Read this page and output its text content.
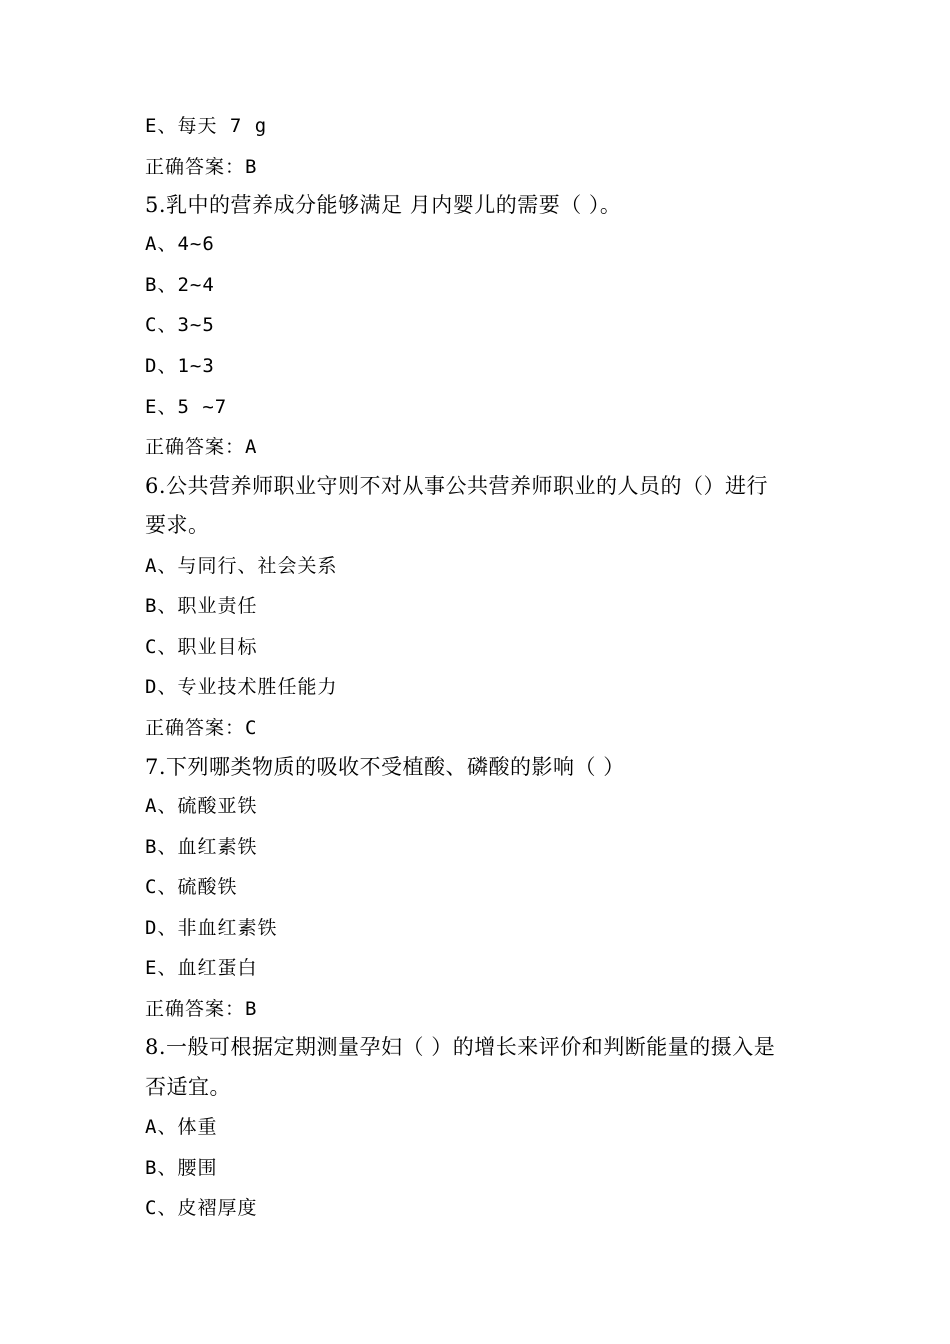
E、每天 7 g
正确答案：B
5.乳中的营养成分能够满足 月内婴儿的需要（ ）。
A、4~6
B、2~4
C、3~5
D、1~3
E、5 ~7
正确答案：A
6.公共营养师职业守则不对从事公共营养师职业的人员的（）进行
要求。
A、与同行、社会关系
B、职业责任
C、职业目标
D、专业技术胜任能力
正确答案：C
7.下列哪类物质的吸收不受植酸、磷酸的影响（ ）
A、硫酸亚铁
B、血红素铁
C、硫酸铁
D、非血红素铁
E、血红蛋白
正确答案：B
8.一般可根据定期测量孕妇（ ）的增长来评价和判断能量的摄入是
否适宜。
A、体重
B、腰围
C、皮褶厚度
